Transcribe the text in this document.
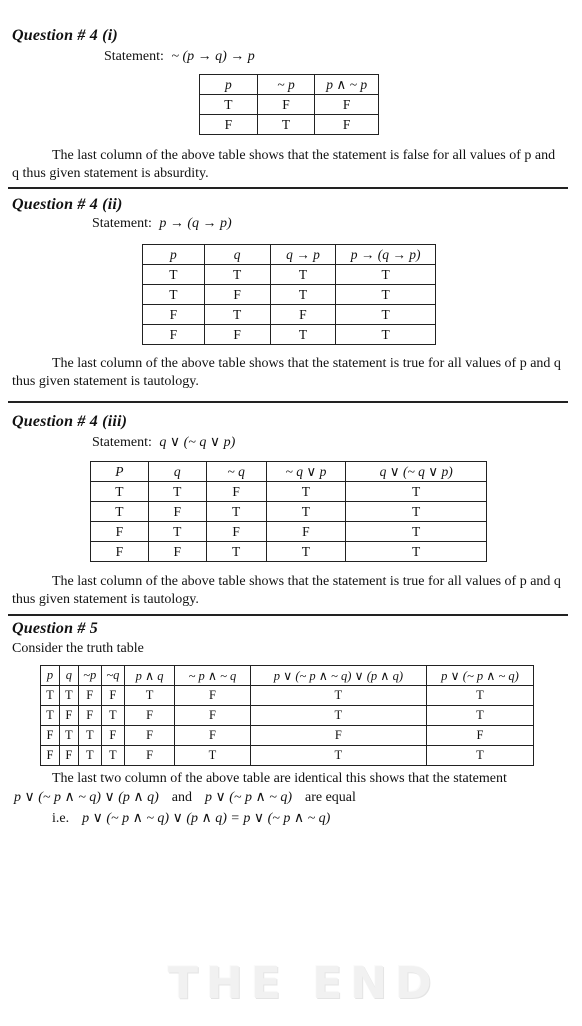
Question # 4 (i)
Statement: ~ (p → q) → p
p	~ p	p ∧ ~ p
T	F	F
F	T	F
The last column of the above table shows that the statement is false for all values of p and q thus given statement is absurdity.
Question # 4 (ii)
Statement: p → (q → p)
p	q	q → p	p → (q → p)
T	T	T	T
T	F	T	T
F	T	F	T
F	F	T	T
The last column of the above table shows that the statement is true for all values of p and q thus given statement is tautology.
Question # 4 (iii)
Statement: q ∨ (~ q ∨ p)
P	q	~ q	~ q ∨ p	q ∨ (~ q ∨ p)
T	T	F	T	T
T	F	T	T	T
F	T	F	F	T
F	F	T	T	T
The last column of the above table shows that the statement is true for all values of p and q thus given statement is tautology.
Question # 5
Consider the truth table
p	q	~p	~q	p ∧ q	~ p ∧ ~ q	p ∨ (~ p ∧ ~ q) ∨ (p ∧ q)	p ∨ (~ p ∧ ~ q)
T	T	F	F	T	F	T	T
T	F	F	T	F	F	T	T
F	T	T	F	F	F	F	F
F	F	T	T	F	T	T	T
The last two column of the above table are identical this shows that the statement
p ∨ (~ p ∧ ~ q) ∨ (p ∧ q) and p ∨ (~ p ∧ ~ q) are equal
i.e. p ∨ (~ p ∧ ~ q) ∨ (p ∧ q) = p ∨ (~ p ∧ ~ q)
THE END
